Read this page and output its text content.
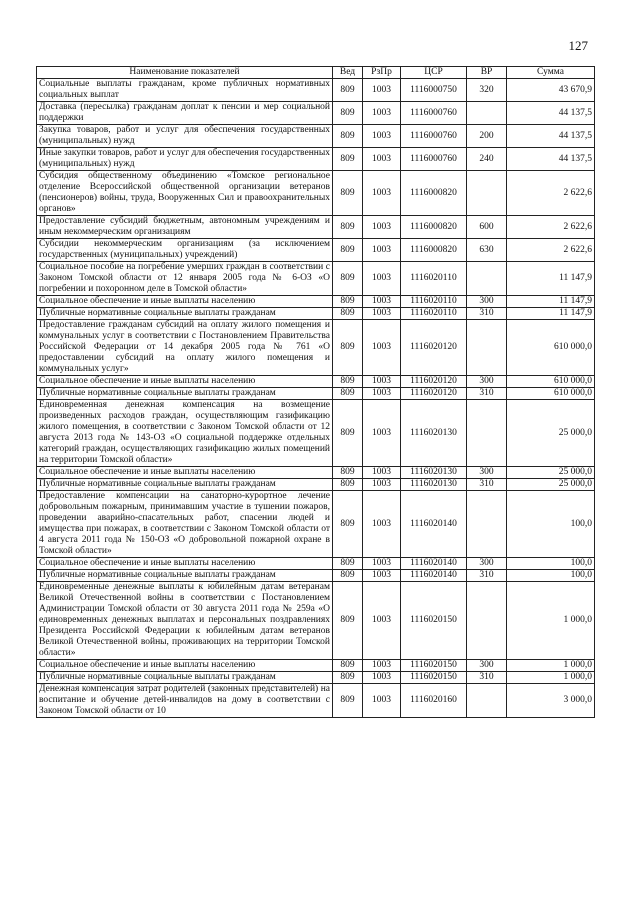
127
Наименование показателей	Вед	РзПр	ЦСР	ВР	Сумма
Социальные выплаты гражданам, кроме публичных нормативных социальных выплат	809	1003	1116000750	320	43 670,9
Доставка (пересылка) гражданам доплат к пенсии и мер социальной поддержки	809	1003	1116000760		44 137,5
Закупка товаров, работ и услуг для обеспечения государственных (муниципальных) нужд	809	1003	1116000760	200	44 137,5
Иные закупки товаров, работ и услуг для обеспечения государственных (муниципальных) нужд	809	1003	1116000760	240	44 137,5
Субсидия общественному объединению «Томское региональное отделение Всероссийской общественной организации ветеранов (пенсионеров) войны, труда, Вооруженных Сил и правоохранительных органов»	809	1003	1116000820		2 622,6
Предоставление субсидий бюджетным, автономным учреждениям и иным некоммерческим организациям	809	1003	1116000820	600	2 622,6
Субсидии некоммерческим организациям (за исключением государственных (муниципальных) учреждений)	809	1003	1116000820	630	2 622,6
Социальное пособие на погребение умерших граждан в соответствии с Законом Томской области от 12 января 2005 года № 6-ОЗ «О погребении и похоронном деле в Томской области»	809	1003	1116020110		11 147,9
Социальное обеспечение и иные выплаты населению	809	1003	1116020110	300	11 147,9
Публичные нормативные социальные выплаты гражданам	809	1003	1116020110	310	11 147,9
Предоставление гражданам субсидий на оплату жилого помещения и коммунальных услуг в соответствии с Постановлением Правительства Российской Федерации от 14 декабря 2005 года № 761 «О предоставлении субсидий на оплату жилого помещения и коммунальных услуг»	809	1003	1116020120		610 000,0
Социальное обеспечение и иные выплаты населению	809	1003	1116020120	300	610 000,0
Публичные нормативные социальные выплаты гражданам	809	1003	1116020120	310	610 000,0
Единовременная денежная компенсация на возмещение произведенных расходов граждан, осуществляющим газификацию жилого помещения, в соответствии с Законом Томской области от 12 августа 2013 года № 143-ОЗ «О социальной поддержке отдельных категорий граждан, осуществляющих газификацию жилых помещений на территории Томской области»	809	1003	1116020130		25 000,0
Социальное обеспечение и иные выплаты населению	809	1003	1116020130	300	25 000,0
Публичные нормативные социальные выплаты гражданам	809	1003	1116020130	310	25 000,0
Предоставление компенсации на санаторно-курортное лечение добровольным пожарным, принимавшим участие в тушении пожаров, проведении аварийно-спасательных работ, спасении людей и имущества при пожарах, в соответствии с Законом Томской области от 4 августа 2011 года № 150-ОЗ «О добровольной пожарной охране в Томской области»	809	1003	1116020140		100,0
Социальное обеспечение и иные выплаты населению	809	1003	1116020140	300	100,0
Публичные нормативные социальные выплаты гражданам	809	1003	1116020140	310	100,0
Единовременные денежные выплаты к юбилейным датам ветеранам Великой Отечественной войны в соответствии с Постановлением Администрации Томской области от 30 августа 2011 года № 259а «О единовременных денежных выплатах и персональных поздравлениях Президента Российской Федерации к юбилейным датам ветеранов Великой Отечественной войны, проживающих на территории Томской области»	809	1003	1116020150		1 000,0
Социальное обеспечение и иные выплаты населению	809	1003	1116020150	300	1 000,0
Публичные нормативные социальные выплаты гражданам	809	1003	1116020150	310	1 000,0
Денежная компенсация затрат родителей (законных представителей) на воспитание и обучение детей-инвалидов на дому в соответствии с Законом Томской области от 10	809	1003	1116020160		3 000,0
